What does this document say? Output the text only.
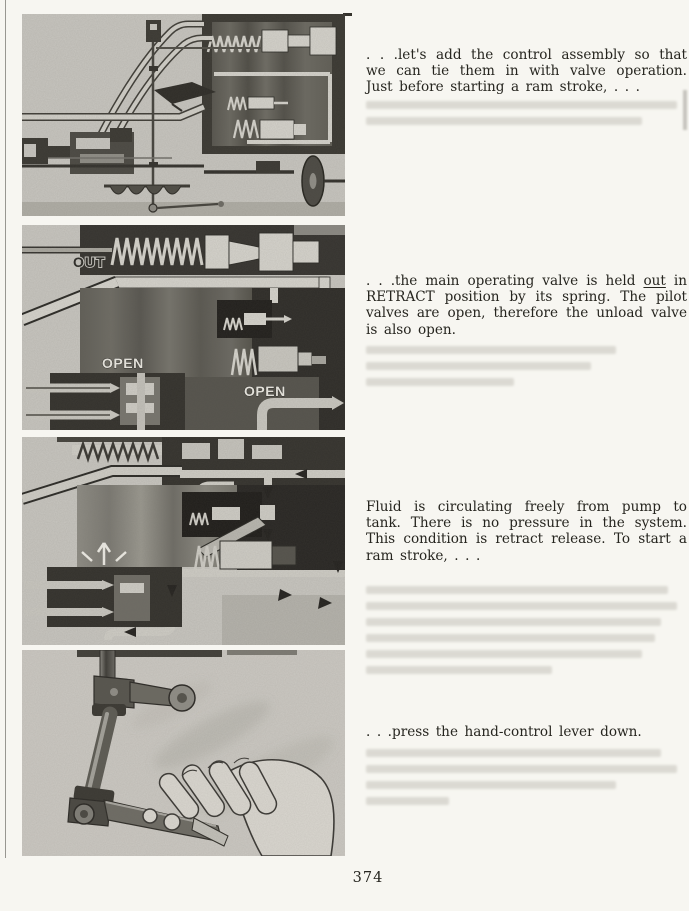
OUT
OPEN
OPEN

. . .let's add the control assembly so that we can tie them in with valve operation. Just before starting a ram stroke, . . .

. . .the main operating valve is held out in RETRACT position by its spring. The pilot valves are open, therefore the unload valve is also open.

Fluid is circulating freely from pump to tank. There is no pressure in the system. This condition is retract release. To start a ram stroke, . . .

. . .press the hand-control lever down.

374
